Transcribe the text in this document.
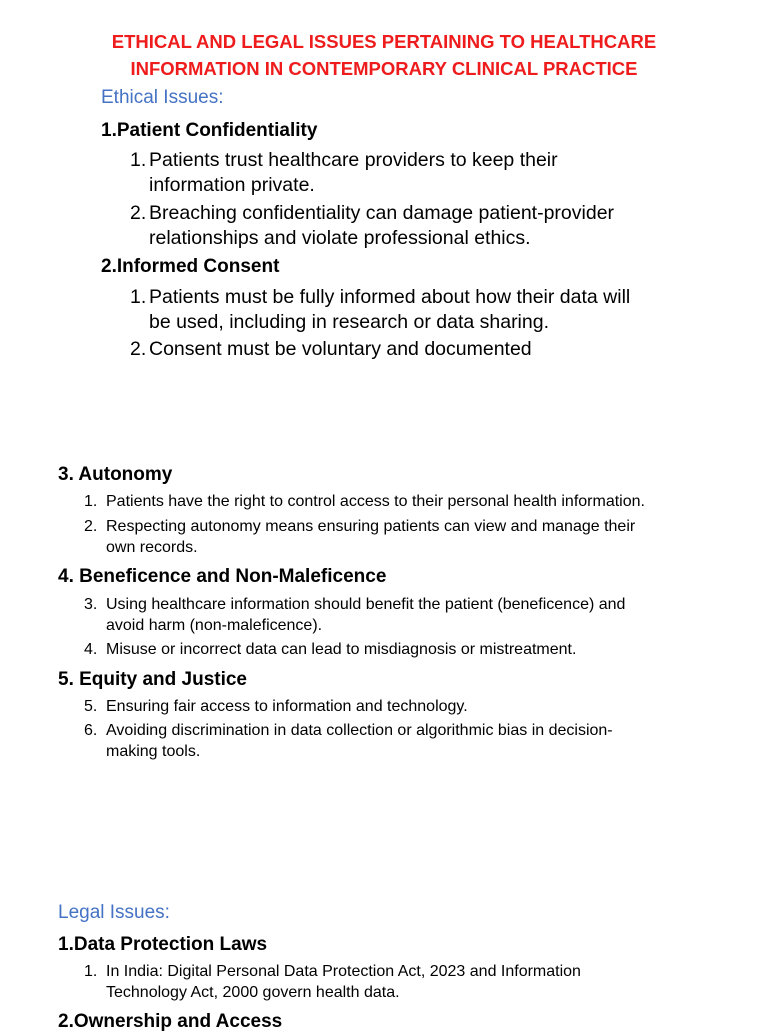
ETHICAL AND LEGAL ISSUES PERTAINING TO HEALTHCARE
INFORMATION IN CONTEMPORARY CLINICAL PRACTICE
Ethical Issues:
1.Patient Confidentiality
1. Patients trust healthcare providers to keep their
information private.
2. Breaching confidentiality can damage patient-provider
relationships and violate professional ethics.
2.Informed Consent
1. Patients must be fully informed about how their data will
be used, including in research or data sharing.
2. Consent must be voluntary and documented
3. Autonomy
1. Patients have the right to control access to their personal health information.
2. Respecting autonomy means ensuring patients can view and manage their
own records.
4. Beneficence and Non-Maleficence
3. Using healthcare information should benefit the patient (beneficence) and
avoid harm (non-maleficence).
4. Misuse or incorrect data can lead to misdiagnosis or mistreatment.
5. Equity and Justice
5. Ensuring fair access to information and technology.
6. Avoiding discrimination in data collection or algorithmic bias in decision-
making tools.
Legal Issues:
1.Data Protection Laws
1. In India: Digital Personal Data Protection Act, 2023 and Information
Technology Act, 2000 govern health data.
2.Ownership and Access
